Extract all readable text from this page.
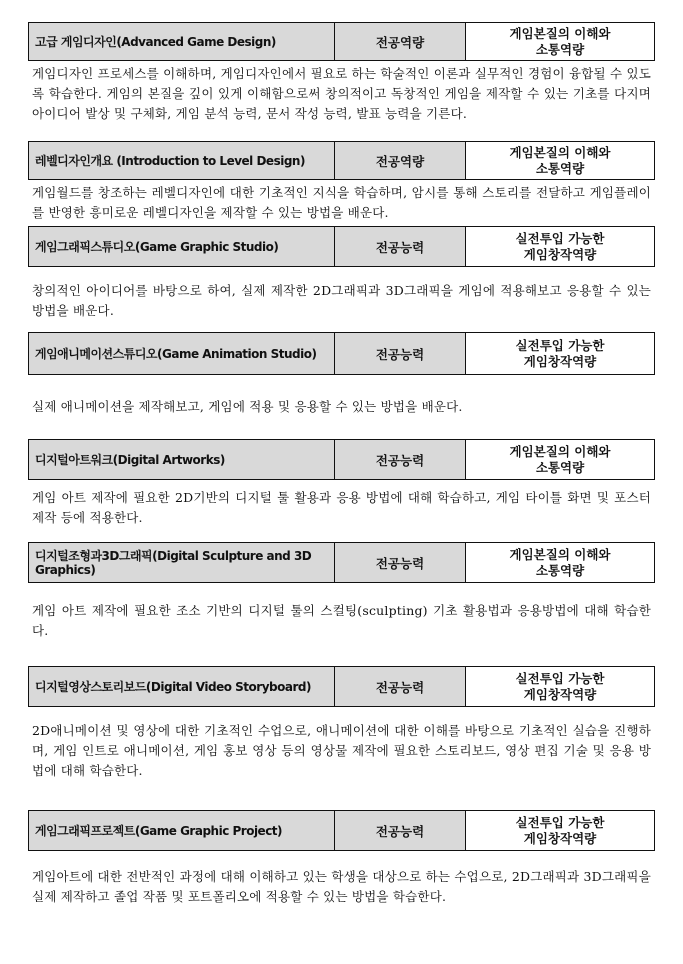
고급 게임디자인(Advanced Game Design)	전공역량	게임본질의 이해와
소통역량

게임디자인 프로세스를 이해하며, 게임디자인에서 필요로 하는 학술적인 이론과 실무적인 경험이 융합될 수 있도록 학습한다. 게임의 본질을 깊이 있게 이해함으로써 창의적이고 독창적인 게임을 제작할 수 있는 기초를 다지며 아이디어 발상 및 구체화, 게임 분석 능력, 문서 작성 능력, 발표 능력을 기른다.

레벨디자인개요 (Introduction to Level Design)	전공역량	게임본질의 이해와
소통역량

게임월드를 창조하는 레벨디자인에 대한 기초적인 지식을 학습하며, 암시를 통해 스토리를 전달하고 게임플레이를 반영한 흥미로운 레벨디자인을 제작할 수 있는 방법을 배운다.

게임그래픽스튜디오(Game Graphic Studio)	전공능력	실전투입 가능한
게임창작역량

창의적인 아이디어를 바탕으로 하여, 실제 제작한 2D그래픽과 3D그래픽을 게임에 적용해보고 응용할 수 있는 방법을 배운다.

게임애니메이션스튜디오(Game Animation Studio)	전공능력	실전투입 가능한
게임창작역량

실제 애니메이션을 제작해보고, 게임에 적용 및 응용할 수 있는 방법을 배운다.

디지털아트워크(Digital Artworks)	전공능력	게임본질의 이해와
소통역량

게임 아트 제작에 필요한 2D기반의 디지털 툴 활용과 응용 방법에 대해 학습하고, 게임 타이틀 화면 및 포스터 제작 등에 적용한다.

디지털조형과3D그래픽(Digital Sculpture and 3D Graphics)	전공능력	게임본질의 이해와
소통역량

게임 아트 제작에 필요한 조소 기반의 디지털 툴의 스컬팅(sculpting) 기초 활용법과 응용방법에 대해 학습한다.

디지털영상스토리보드(Digital Video Storyboard)	전공능력	실전투입 가능한
게임창작역량

2D애니메이션 및 영상에 대한 기초적인 수업으로, 애니메이션에 대한 이해를 바탕으로 기초적인 실습을 진행하며, 게임 인트로 애니메이션, 게임 홍보 영상 등의 영상물 제작에 필요한 스토리보드, 영상 편집 기술 및 응용 방법에 대해 학습한다.

게임그래픽프로젝트(Game Graphic Project)	전공능력	실전투입 가능한
게임창작역량

게임아트에 대한 전반적인 과정에 대해 이해하고 있는 학생을 대상으로 하는 수업으로, 2D그래픽과 3D그래픽을 실제 제작하고 졸업 작품 및 포트폴리오에 적용할 수 있는 방법을 학습한다.
